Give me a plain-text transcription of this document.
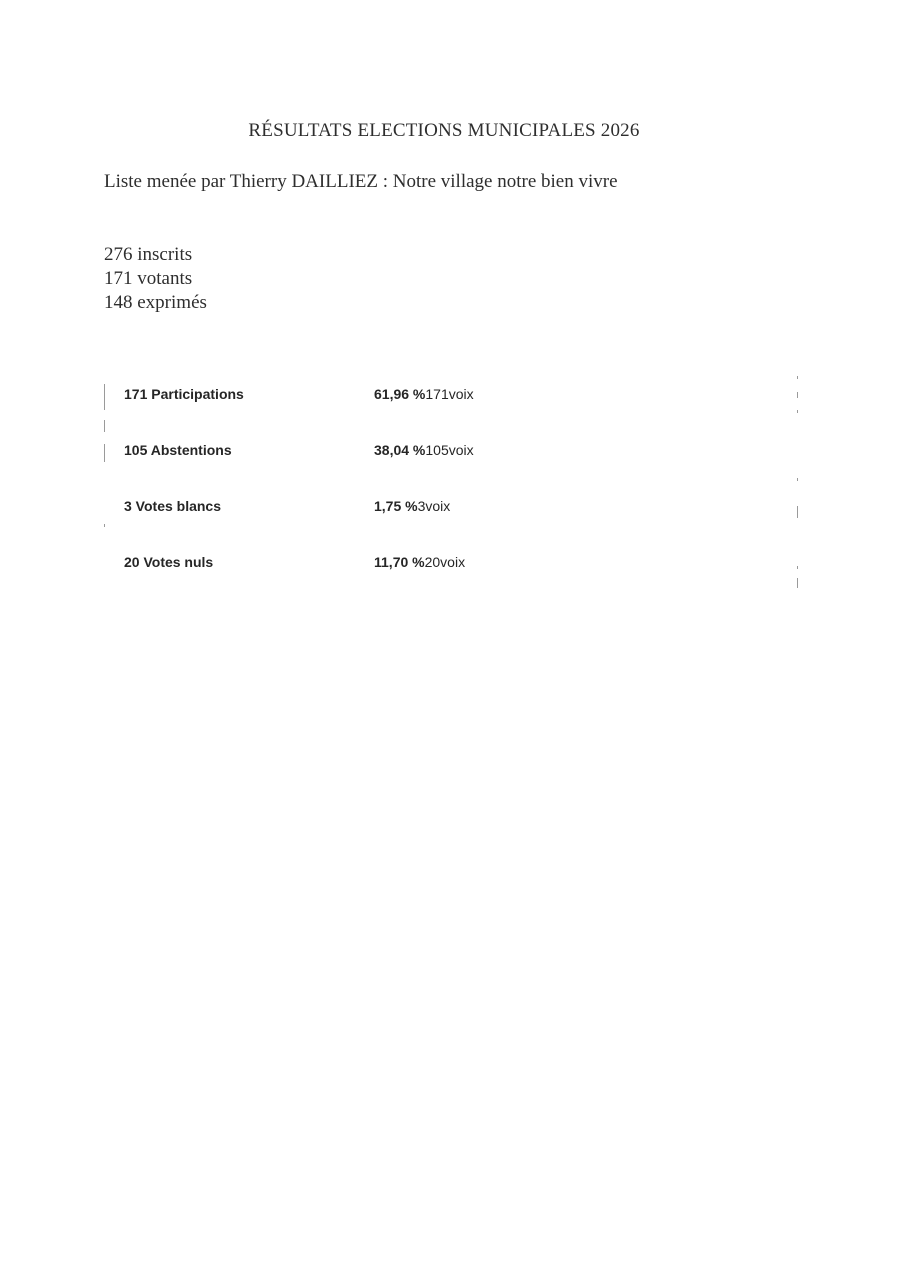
RÉSULTATS ELECTIONS MUNICIPALES 2026
Liste menée par Thierry DAILLIEZ : Notre village notre bien vivre
276 inscrits
171 votants
148 exprimés
171 Participations	61,96 %171voix
105 Abstentions	38,04 %105voix
3 Votes blancs	1,75 %3voix
20 Votes nuls	11,70 %20voix
